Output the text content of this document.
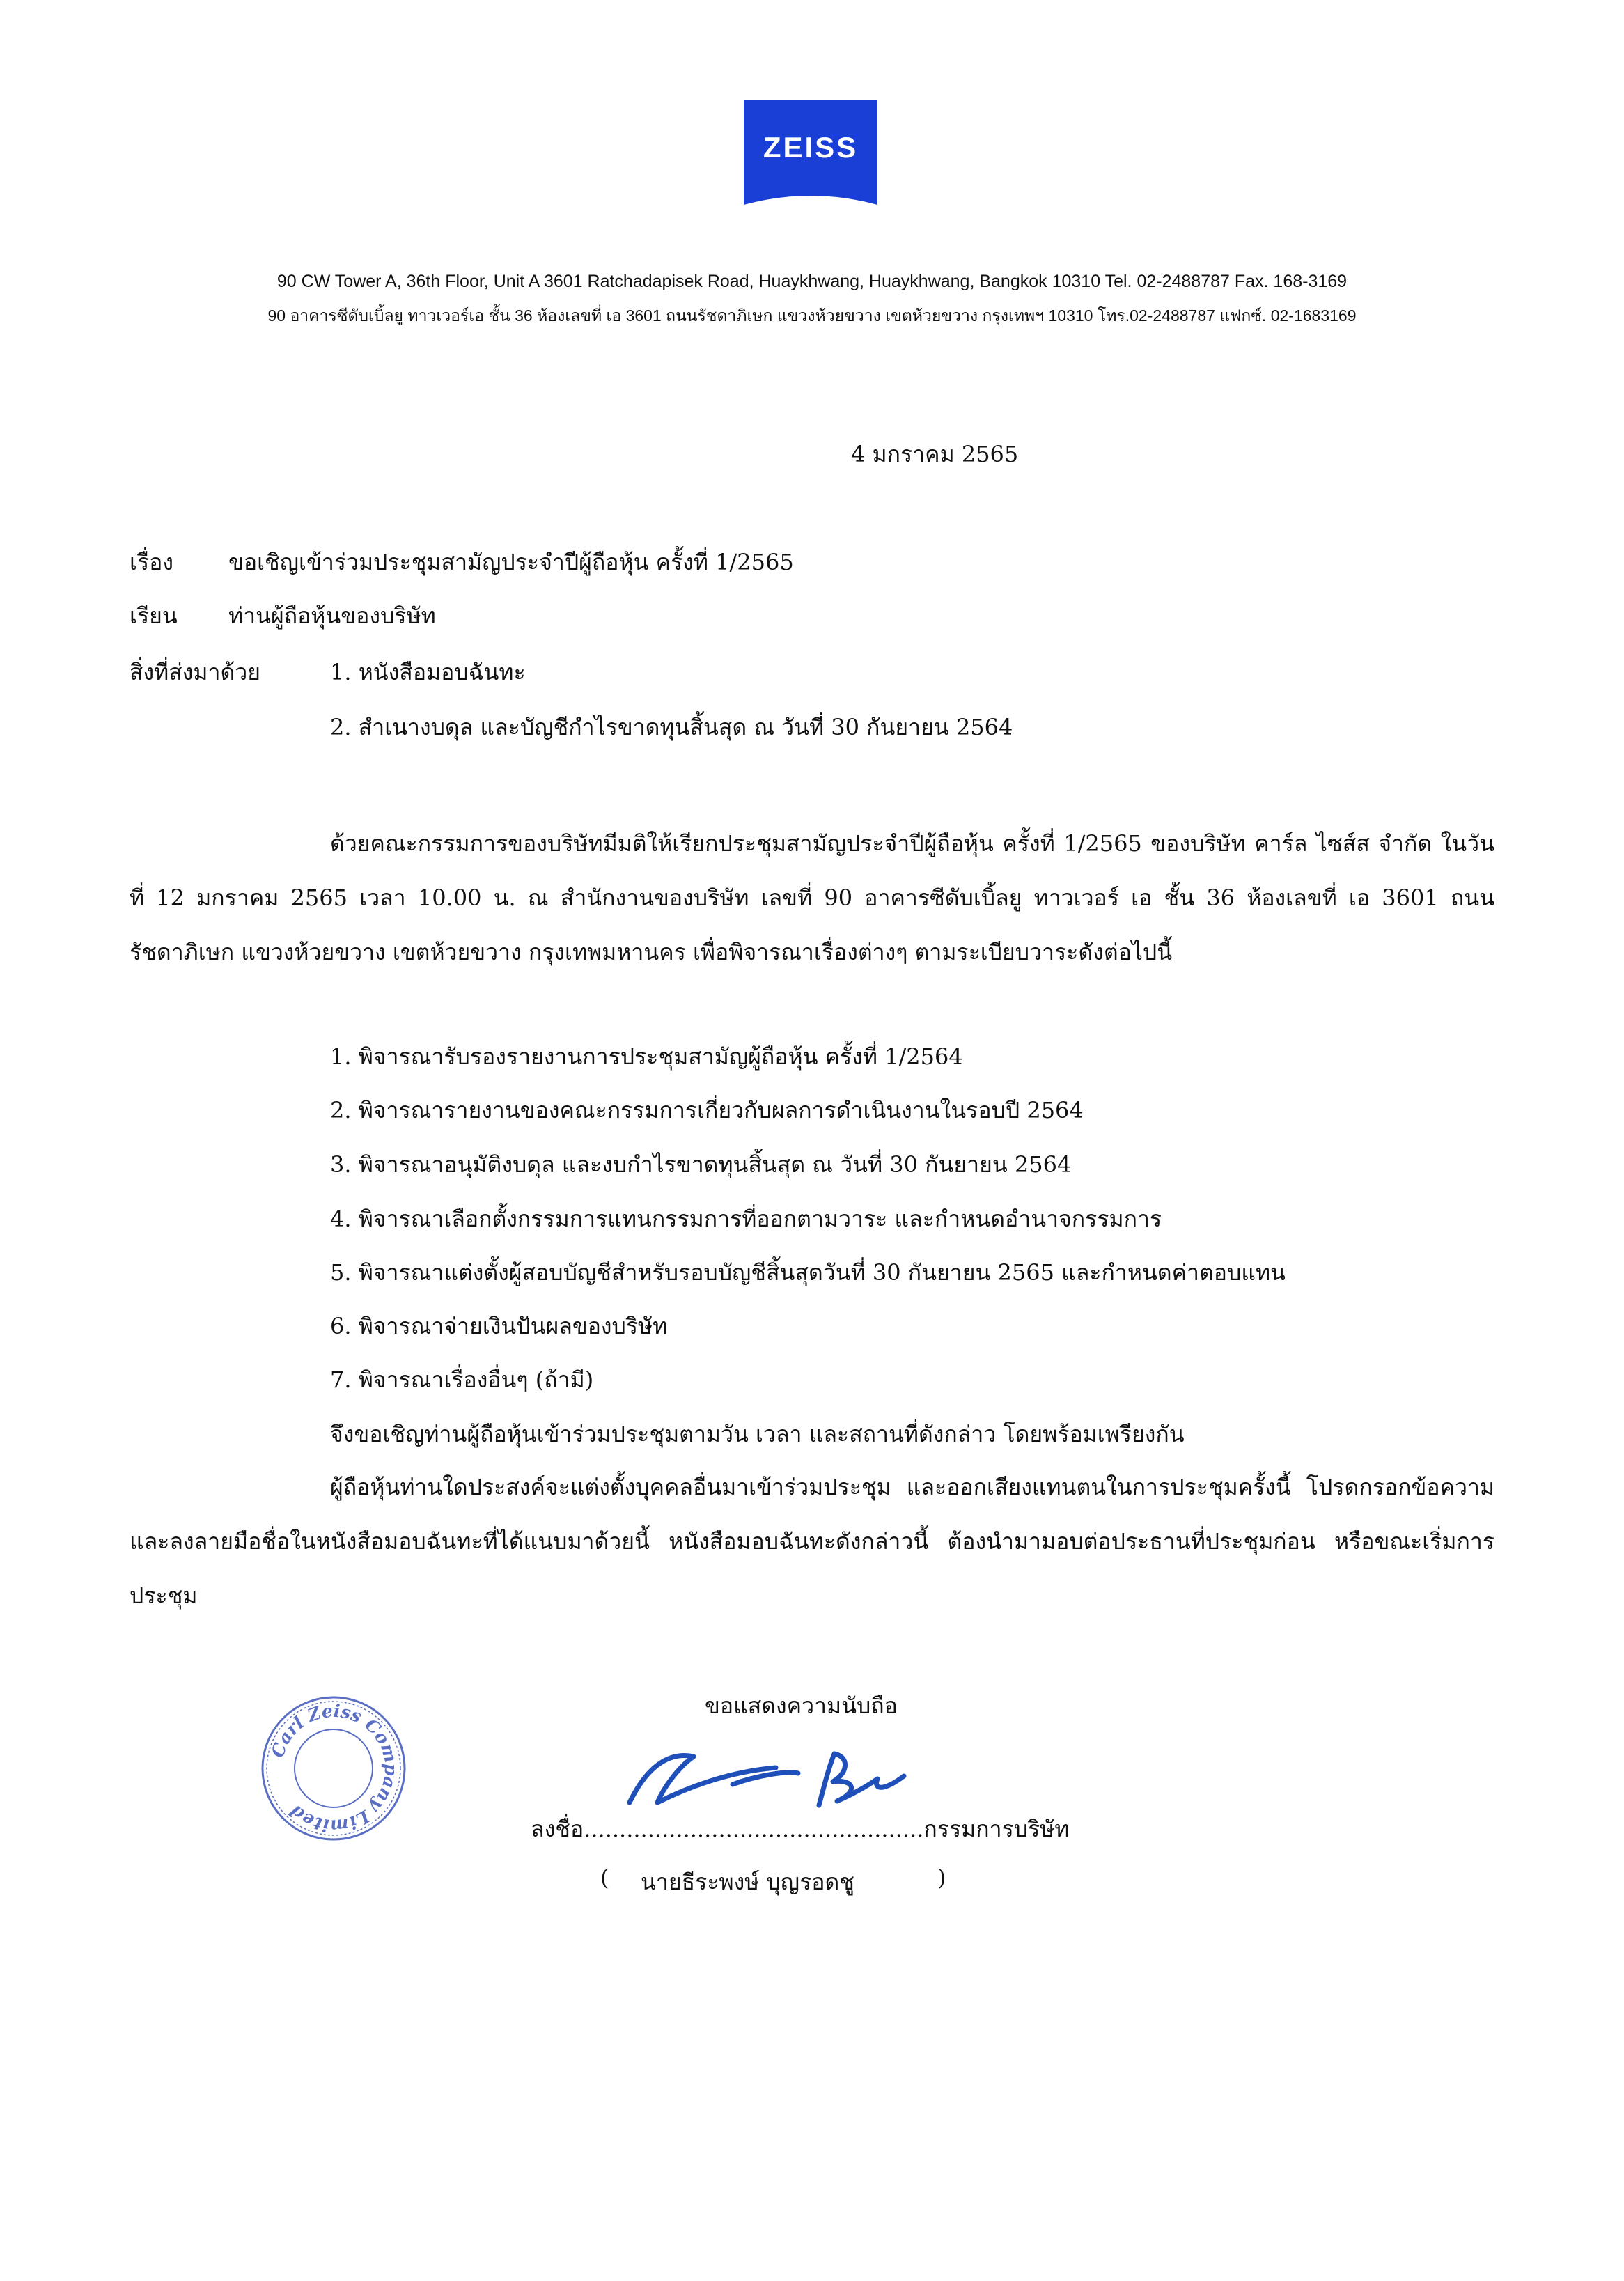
ZEISS
90 CW Tower A, 36th Floor, Unit A 3601 Ratchadapisek Road, Huaykhwang, Huaykhwang, Bangkok 10310 Tel. 02-2488787 Fax. 168-3169
90 อาคารซีดับเบิ้ลยู ทาวเวอร์เอ ชั้น 36 ห้องเลขที่ เอ 3601 ถนนรัชดาภิเษก แขวงห้วยขวาง เขตห้วยขวาง กรุงเทพฯ 10310 โทร.02-2488787 แฟกซ์. 02-1683169
4 มกราคม 2565
เรื่อง ขอเชิญเข้าร่วมประชุมสามัญประจำปีผู้ถือหุ้น ครั้งที่ 1/2565
เรียน ท่านผู้ถือหุ้นของบริษัท
สิ่งที่ส่งมาด้วย	1. หนังสือมอบฉันทะ
2. สำเนางบดุล และบัญชีกำไรขาดทุนสิ้นสุด ณ วันที่ 30 กันยายน 2564
ด้วยคณะกรรมการของบริษัทมีมติให้เรียกประชุมสามัญประจำปีผู้ถือหุ้น ครั้งที่ 1/2565 ของบริษัท คาร์ล ไซส์ส จำกัด ในวันที่ 12 มกราคม 2565 เวลา 10.00 น. ณ สำนักงานของบริษัท เลขที่ 90 อาคารซีดับเบิ้ลยู ทาวเวอร์ เอ ชั้น 36 ห้องเลขที่ เอ 3601 ถนนรัชดาภิเษก แขวงห้วยขวาง เขตห้วยขวาง กรุงเทพมหานคร เพื่อพิจารณาเรื่องต่างๆ ตามระเบียบวาระดังต่อไปนี้
1. พิจารณารับรองรายงานการประชุมสามัญผู้ถือหุ้น ครั้งที่ 1/2564
2. พิจารณารายงานของคณะกรรมการเกี่ยวกับผลการดำเนินงานในรอบปี 2564
3. พิจารณาอนุมัติงบดุล และงบกำไรขาดทุนสิ้นสุด ณ วันที่ 30 กันยายน 2564
4. พิจารณาเลือกตั้งกรรมการแทนกรรมการที่ออกตามวาระ และกำหนดอำนาจกรรมการ
5. พิจารณาแต่งตั้งผู้สอบบัญชีสำหรับรอบบัญชีสิ้นสุดวันที่ 30 กันยายน 2565 และกำหนดค่าตอบแทน
6. พิจารณาจ่ายเงินปันผลของบริษัท
7. พิจารณาเรื่องอื่นๆ (ถ้ามี)
จึงขอเชิญท่านผู้ถือหุ้นเข้าร่วมประชุมตามวัน เวลา และสถานที่ดังกล่าว โดยพร้อมเพรียงกัน
ผู้ถือหุ้นท่านใดประสงค์จะแต่งตั้งบุคคลอื่นมาเข้าร่วมประชุม และออกเสียงแทนตนในการประชุมครั้งนี้ โปรดกรอกข้อความ และลงลายมือชื่อในหนังสือมอบฉันทะที่ได้แนบมาด้วยนี้ หนังสือมอบฉันทะดังกล่าวนี้ ต้องนำมามอบต่อประธานที่ประชุมก่อน หรือขณะเริ่มการประชุม
ขอแสดงความนับถือ
Carl Zeiss Company Limited
ลงชื่อ................................................กรรมการบริษัท
( นายธีระพงษ์ บุญรอดชู	)
